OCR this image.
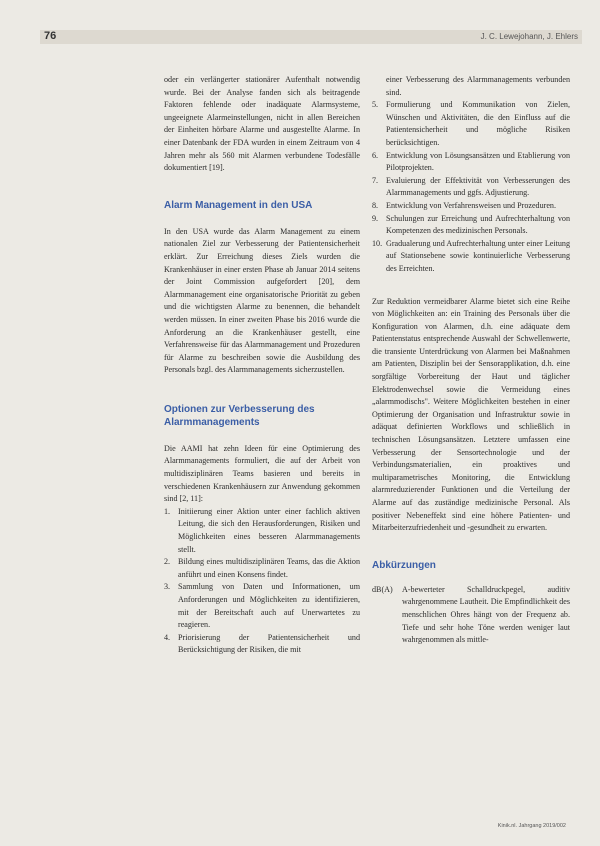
76	J. C. Lewejohann, J. Ehlers

oder ein verlängerter stationärer Aufenthalt notwendig wurde. Bei der Analyse fanden sich als beitragende Faktoren fehlende oder inadäquate Alarmsysteme, ungeeignete Alarmeinstellungen, nicht in allen Bereichen der Einheiten hörbare Alarme und ausgestellte Alarme. In einer Datenbank der FDA wurden in einem Zeitraum von 4 Jahren mehr als 560 mit Alarmen verbundene Todesfälle dokumentiert [19].

Alarm Management in den USA

In den USA wurde das Alarm Management zu einem nationalen Ziel zur Verbesserung der Patientensicherheit erklärt. Zur Erreichung dieses Ziels wurden die Krankenhäuser in einer ersten Phase ab Januar 2014 seitens der Joint Commission aufgefordert [20], dem Alarmmanagement eine organisatorische Priorität zu geben und die wichtigsten Alarme zu benennen, die behandelt werden müssen. In einer zweiten Phase bis 2016 wurde die Anforderung an die Krankenhäuser gestellt, eine Verfahrensweise für das Alarmmanagement und Prozeduren für Alarme zu beschreiben sowie die Ausbildung des Personals bzgl. des Alarmmanagements sicherzustellen.

Optionen zur Verbesserung des Alarmmanagements

Die AAMI hat zehn Ideen für eine Optimierung des Alarmmanagements formuliert, die auf der Arbeit von multidisziplinären Teams basieren und bereits in verschiedenen Krankenhäusern zur Anwendung gekommen sind [2, 11]:

1. Initiierung einer Aktion unter einer fachlich aktiven Leitung, die sich den Herausforderungen, Risiken und Möglichkeiten eines besseren Alarmmanagements stellt.
2. Bildung eines multidisziplinären Teams, das die Aktion anführt und einen Konsens findet.
3. Sammlung von Daten und Informationen, um Anforderungen und Möglichkeiten zu identifizieren, mit der Bereitschaft auch auf Unerwartetes zu reagieren.
4. Priorisierung der Patientensicherheit und Berücksichtigung der Risiken, die mit
einer Verbesserung des Alarmmanagements verbunden sind.
5. Formulierung und Kommunikation von Zielen, Wünschen und Aktivitäten, die den Einfluss auf die Patientensicherheit und mögliche Risiken berücksichtigen.
6. Entwicklung von Lösungsansätzen und Etablierung von Pilotprojekten.
7. Evaluierung der Effektivität von Verbesserungen des Alarmmanagements und ggfs. Adjustierung.
8. Entwicklung von Verfahrensweisen und Prozeduren.
9. Schulungen zur Erreichung und Aufrechterhaltung von Kompetenzen des medizinischen Personals.
10. Gradualerung und Aufrechterhaltung unter einer Leitung auf Stationsebene sowie kontinuierliche Verbesserung des Erreichten.

Zur Reduktion vermeidbarer Alarme bietet sich eine Reihe von Möglichkeiten an: ein Training des Personals über die Konfiguration von Alarmen, d.h. eine adäquate dem Patientenstatus entsprechende Auswahl der Schwellenwerte, die transiente Unterdrückung von Alarmen bei Maßnahmen am Patienten, Disziplin bei der Sensorapplikation, d.h. eine sorgfältige Vorbereitung der Haut und täglicher Elektrodenwechsel sowie die Vermeidung eines „alarmmodischs". Weitere Möglichkeiten bestehen in einer Optimierung der Organisation und Infrastruktur sowie in adäquat definierten Workflows und schließlich in technischen Lösungsansätzen. Letztere umfassen eine Verbesserung der Sensortechnologie und der Verbindungsmaterialien, ein proaktives und multiparametrisches Monitoring, die Entwicklung alarmreduzierender Funktionen und die Verteilung der Alarme auf das zuständige medizinische Personal. Als positiver Nebeneffekt sind eine höhere Patienten- und Mitarbeiterzufriedenheit und -gesundheit zu erwarten.

Abkürzungen

dB(A)	A-bewerteter Schalldruckpegel, auditiv wahrgenommene Lautheit. Die Empfindlichkeit des menschlichen Ohres hängt von der Frequenz ab. Tiefe und sehr hohe Töne werden weniger laut wahrgenommen als mittle-
Kinik.nl. Jahrgang 2019/002
